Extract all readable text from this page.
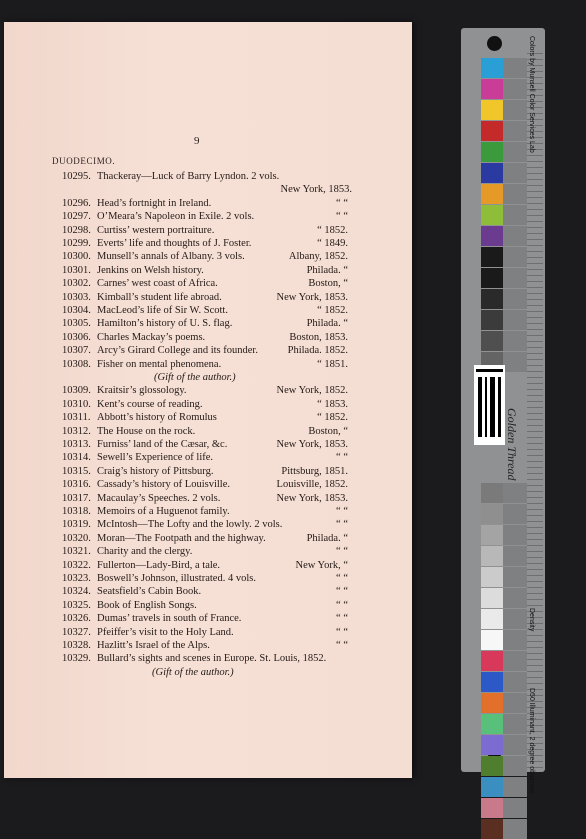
9
DUODECIMO.
10295. Thackeray—Luck of Barry Lyndon. 2 vols.
New York, 1853.
10296. Head’s fortnight in Ireland.	“ “
10297. O’Meara’s Napoleon in Exile. 2 vols.	“ “
10298. Curtiss’ western portraiture.	“ 1852.
10299. Everts’ life and thoughts of J. Foster.	“ 1849.
10300. Munsell’s annals of Albany. 3 vols.	Albany, 1852.
10301. Jenkins on Welsh history.	Philada. “
10302. Carnes’ west coast of Africa.	Boston, “
10303. Kimball’s student life abroad.	New York, 1853.
10304. MacLeod’s life of Sir W. Scott.	“ 1852.
10305. Hamilton’s history of U. S. flag.	Philada. “
10306. Charles Mackay’s poems.	Boston, 1853.
10307. Arcy’s Girard College and its founder.	Philada. 1852.
10308. Fisher on mental phenomena.	“ 1851.
(Gift of the author.)
10309. Kraitsir’s glossology.	New York, 1852.
10310. Kent’s course of reading.	“ 1853.
10311. Abbott’s history of Romulus	“ 1852.
10312. The House on the rock.	Boston, “
10313. Furniss’ land of the Cæsar, &c.	New York, 1853.
10314. Sewell’s Experience of life.	“ “
10315. Craig’s history of Pittsburg.	Pittsburg, 1851.
10316. Cassady’s history of Louisville.	Louisville, 1852.
10317. Macaulay’s Speeches. 2 vols.	New York, 1853.
10318. Memoirs of a Huguenot family.	“ “
10319. McIntosh—The Lofty and the lowly. 2 vols.	“ “
10320. Moran—The Footpath and the highway.	Philada. “
10321. Charity and the clergy.	“ “
10322. Fullerton—Lady-Bird, a tale.	New York, “
10323. Boswell’s Johnson, illustrated. 4 vols.	“ “
10324. Seatsfield’s Cabin Book.	“ “
10325. Book of English Songs.	“ “
10326. Dumas’ travels in south of France.	“ “
10327. Pfeiffer’s visit to the Holy Land.	“ “
10328. Hazlitt’s Israel of the Alps.	“ “
10329. Bullard’s sights and scenes in Europe. St. Louis, 1852.
(Gift of the author.)
Colors by Munsell Color Services Lab
Golden Thread
Density
D50 Illuminant, 2 degree observer
